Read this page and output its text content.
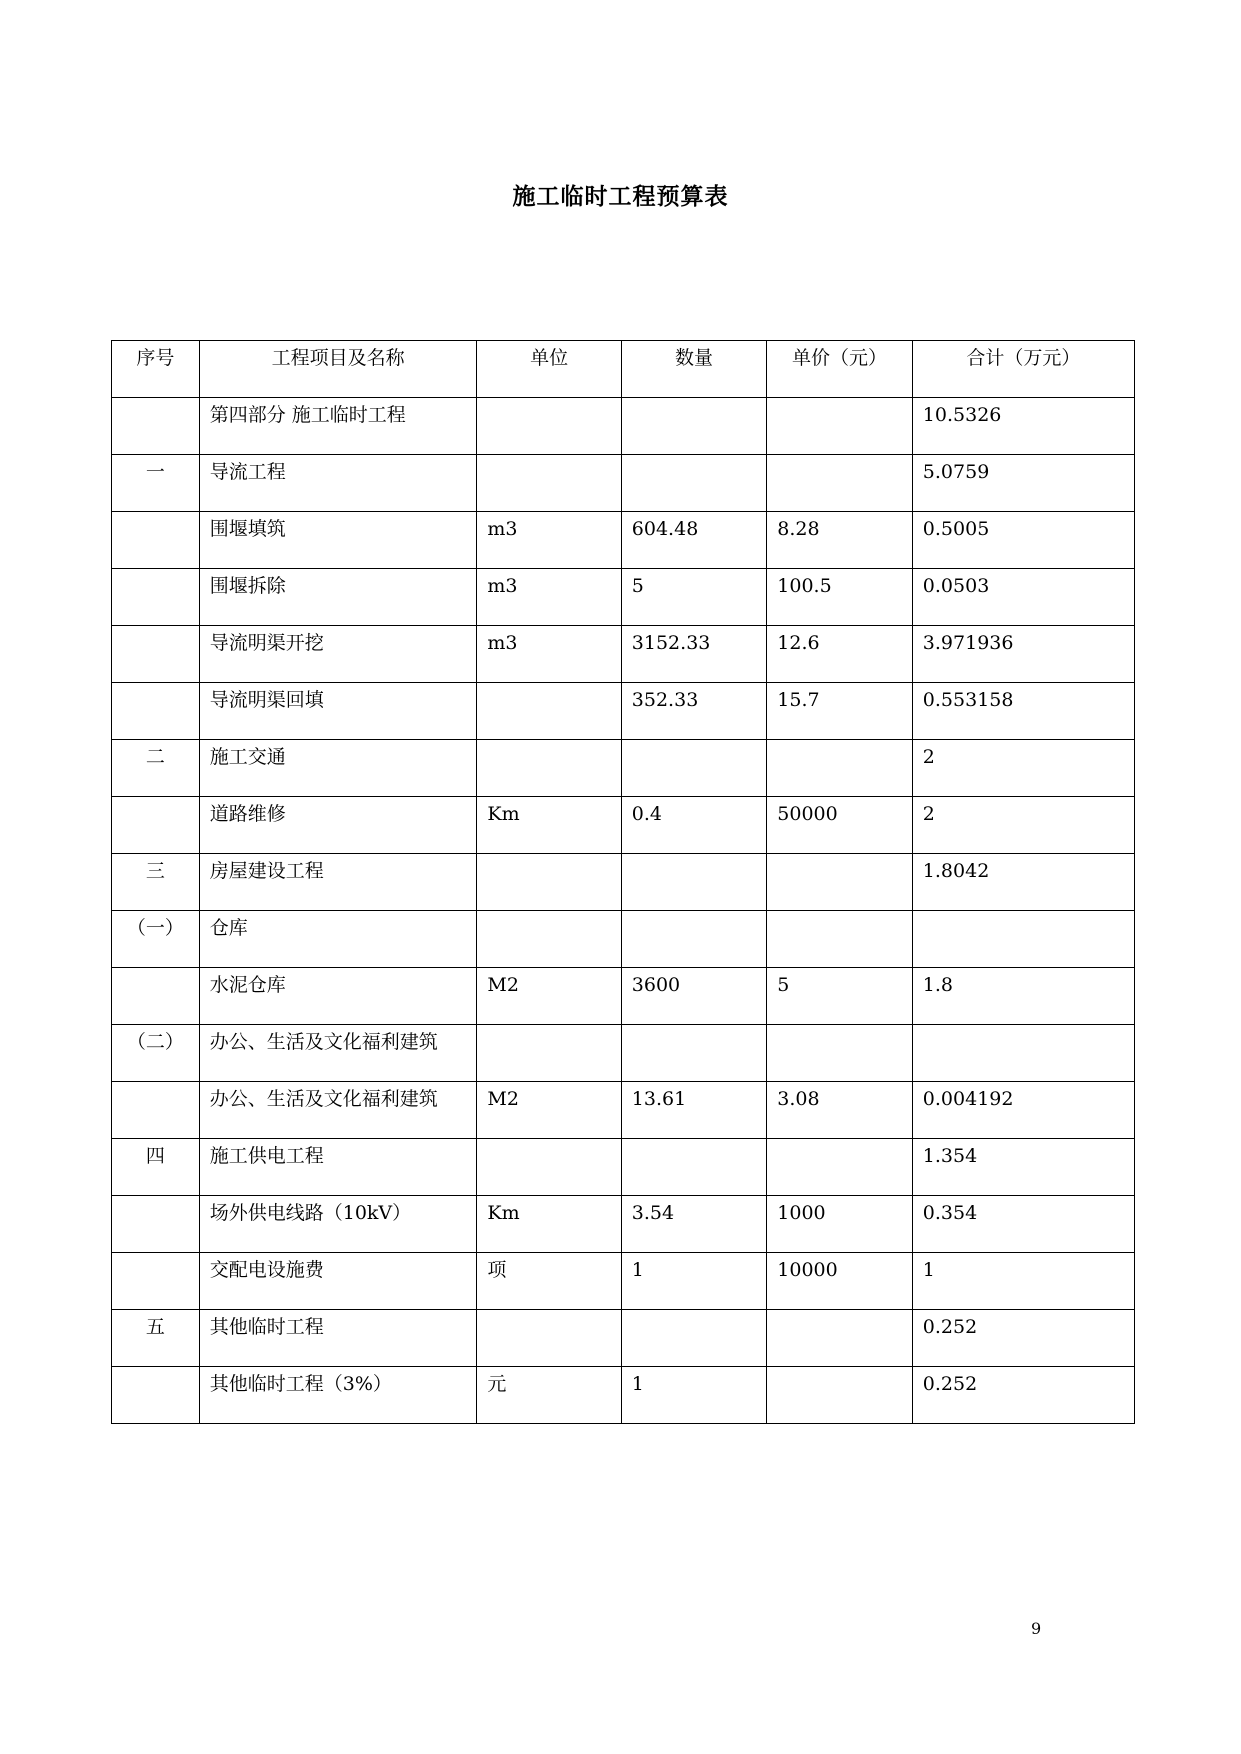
施工临时工程预算表
序号	工程项目及名称	单位	数量	单价（元）	合计（万元）
	第四部分 施工临时工程				10.5326
一	导流工程				5.0759
	围堰填筑	m3	604.48	8.28	0.5005
	围堰拆除	m3	5	100.5	0.0503
	导流明渠开挖	m3	3152.33	12.6	3.971936
	导流明渠回填		352.33	15.7	0.553158
二	施工交通				2
	道路维修	Km	0.4	50000	2
三	房屋建设工程				1.8042
（一）	仓库				
	水泥仓库	M2	3600	5	1.8
（二）	办公、生活及文化福利建筑				
	办公、生活及文化福利建筑	M2	13.61	3.08	0.004192
四	施工供电工程				1.354
	场外供电线路（10kV）	Km	3.54	1000	0.354
	交配电设施费	项	1	10000	1
五	其他临时工程				0.252
	其他临时工程（3%）	元	1		0.252
9
